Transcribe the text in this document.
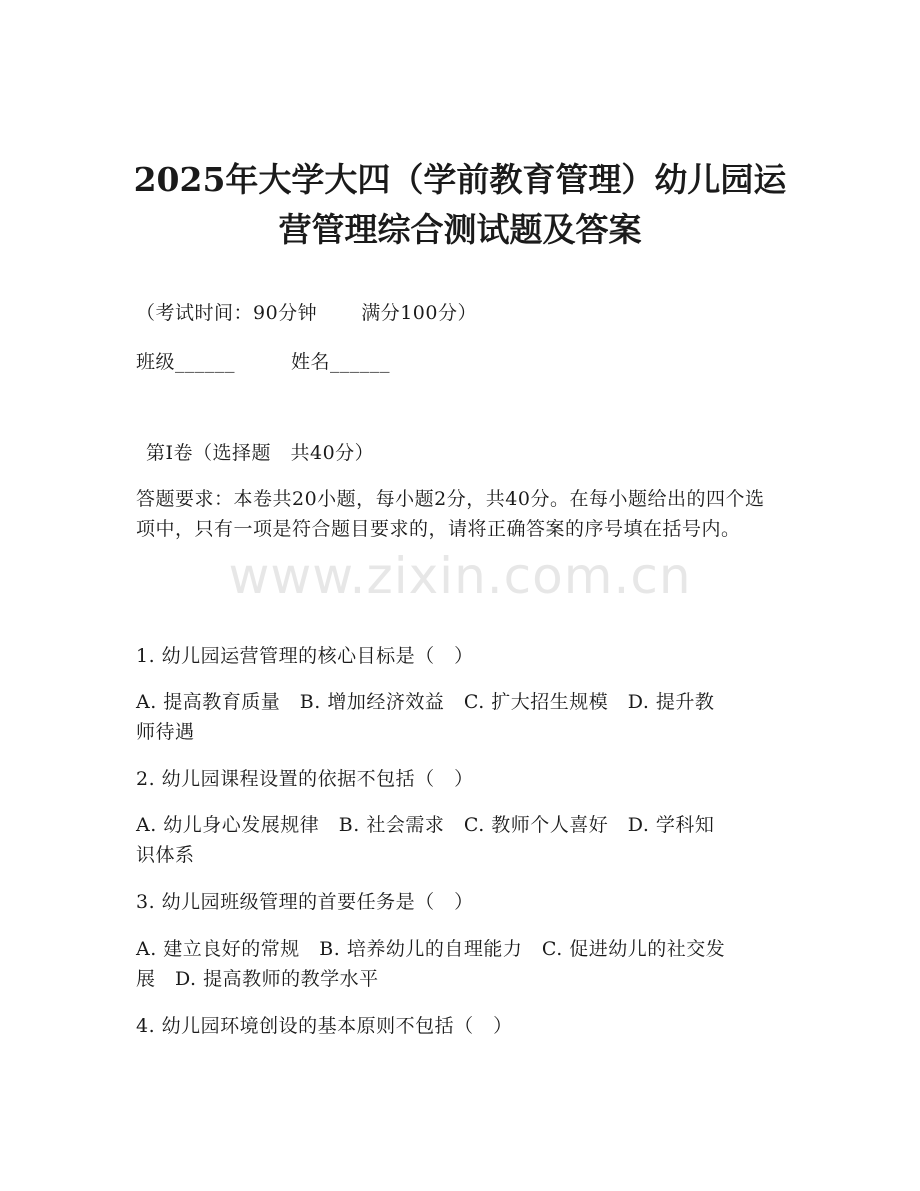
2025年大学大四（学前教育管理）幼儿园运
营管理综合测试题及答案
（考试时间：90分钟 满分100分）
班级______	姓名______
第Ⅰ卷（选择题　共40分）
答题要求：本卷共20小题，每小题2分，共40分。在每小题给出的四个选项中，只有一项是符合题目要求的，请将正确答案的序号填在括号内。
1. 幼儿园运营管理的核心目标是（　）
A. 提高教育质量　B. 增加经济效益　C. 扩大招生规模　D. 提升教
师待遇
2. 幼儿园课程设置的依据不包括（　）
A. 幼儿身心发展规律　B. 社会需求　C. 教师个人喜好　D. 学科知
识体系
3. 幼儿园班级管理的首要任务是（　）
A. 建立良好的常规　B. 培养幼儿的自理能力　C. 促进幼儿的社交发
展　D. 提高教师的教学水平
4. 幼儿园环境创设的基本原则不包括（　）
www.zixin.com.cn
